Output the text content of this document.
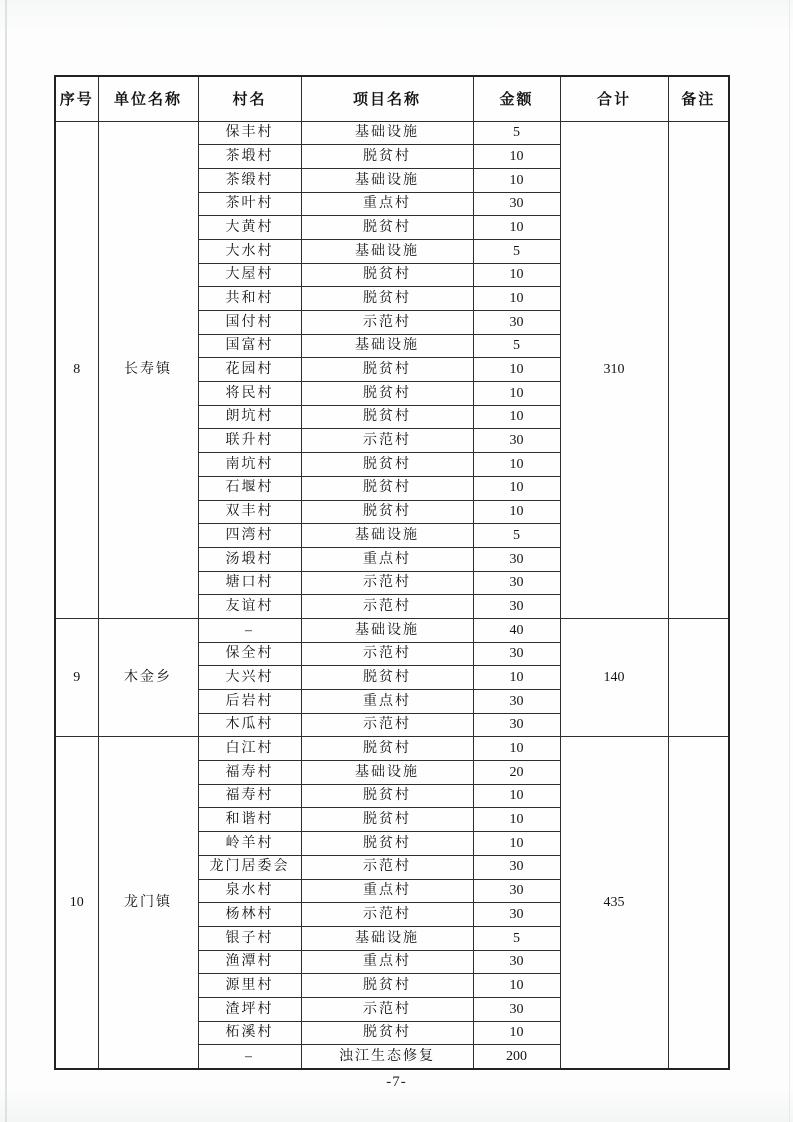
序号	单位名称	村名	项目名称	金额	合计	备注
8	长寿镇	保丰村	基础设施	5	310	
		茶塅村	脱贫村	10		
		茶缎村	基础设施	10		
		茶叶村	重点村	30		
		大黄村	脱贫村	10		
		大水村	基础设施	5		
		大屋村	脱贫村	10		
		共和村	脱贫村	10		
		国付村	示范村	30		
		国富村	基础设施	5		
		花园村	脱贫村	10		
		将民村	脱贫村	10		
		朗坑村	脱贫村	10		
		联升村	示范村	30		
		南坑村	脱贫村	10		
		石堰村	脱贫村	10		
		双丰村	脱贫村	10		
		四湾村	基础设施	5		
		汤塅村	重点村	30		
		塘口村	示范村	30		
		友谊村	示范村	30		
9	木金乡	–	基础设施	40	140	
		保全村	示范村	30		
		大兴村	脱贫村	10		
		后岩村	重点村	30		
		木瓜村	示范村	30		
10	龙门镇	白江村	脱贫村	10	435	
		福寿村	基础设施	20		
		福寿村	脱贫村	10		
		和谐村	脱贫村	10		
		岭羊村	脱贫村	10		
		龙门居委会	示范村	30		
		泉水村	重点村	30		
		杨林村	示范村	30		
		银子村	基础设施	5		
		渔潭村	重点村	30		
		源里村	脱贫村	10		
		渣坪村	示范村	30		
		柘溪村	脱贫村	10		
		–	浊江生态修复	200		
-7-
